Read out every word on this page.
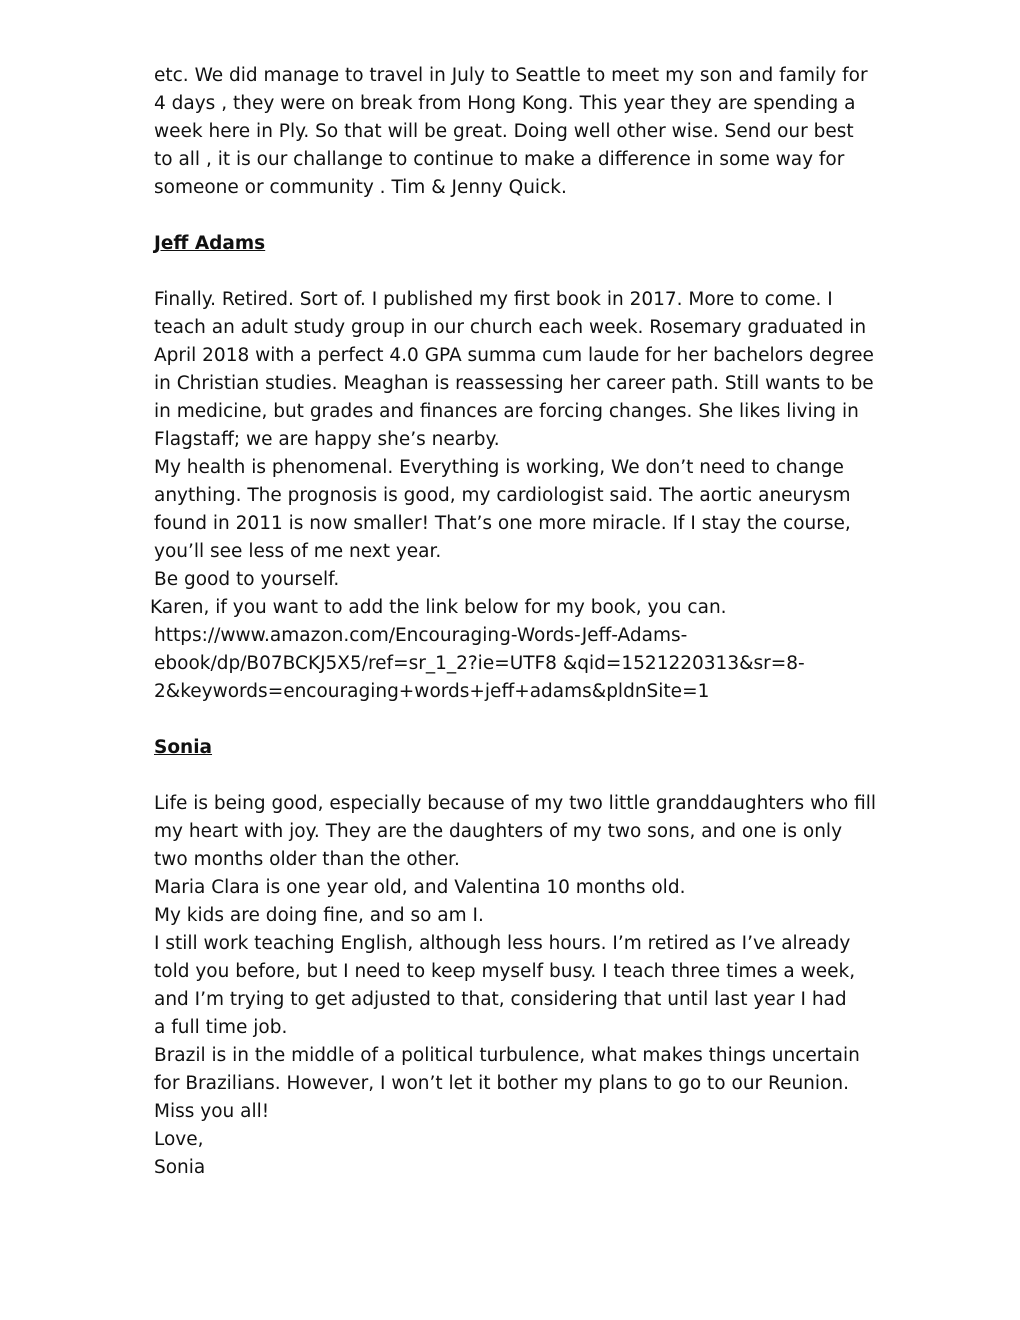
etc. We did manage to travel in July to Seattle to meet my son and family for
4 days , they were on break from Hong Kong. This year they are spending a
week here in Ply. So that will be great. Doing well other wise. Send our best
to all , it is our challange to continue to make a difference in some way for
someone or community . Tim & Jenny Quick.
Jeff Adams
Finally. Retired. Sort of. I published my first book in 2017. More to come. I
teach an adult study group in our church each week. Rosemary graduated in
April 2018 with a perfect 4.0 GPA summa cum laude for her bachelors degree
in Christian studies. Meaghan is reassessing her career path. Still wants to be
in medicine, but grades and finances are forcing changes. She likes living in
Flagstaff; we are happy she’s nearby.
My health is phenomenal. Everything is working, We don’t need to change
anything. The prognosis is good, my cardiologist said. The aortic aneurysm
found in 2011 is now smaller! That’s one more miracle. If I stay the course,
you’ll see less of me next year.
Be good to yourself.
Karen, if you want to add the link below for my book, you can.
https://www.amazon.com/Encouraging-Words-Jeff-Adams-
ebook/dp/B07BCKJ5X5/ref=sr_1_2?ie=UTF8 &qid=1521220313&sr=8-
2&keywords=encouraging+words+jeff+adams&pldnSite=1
Sonia
Life is being good, especially because of my two little granddaughters who fill
my heart with joy. They are the daughters of my two sons, and one is only
two months older than the other.
Maria Clara is one year old, and Valentina 10 months old.
My kids are doing fine, and so am I.
I still work teaching English, although less hours. I’m retired as I’ve already
told you before, but I need to keep myself busy. I teach three times a week,
and I’m trying to get adjusted to that, considering that until last year I had
a full time job.
Brazil is in the middle of a political turbulence, what makes things uncertain
for Brazilians. However, I won’t let it bother my plans to go to our Reunion.
Miss you all!
Love,
Sonia
